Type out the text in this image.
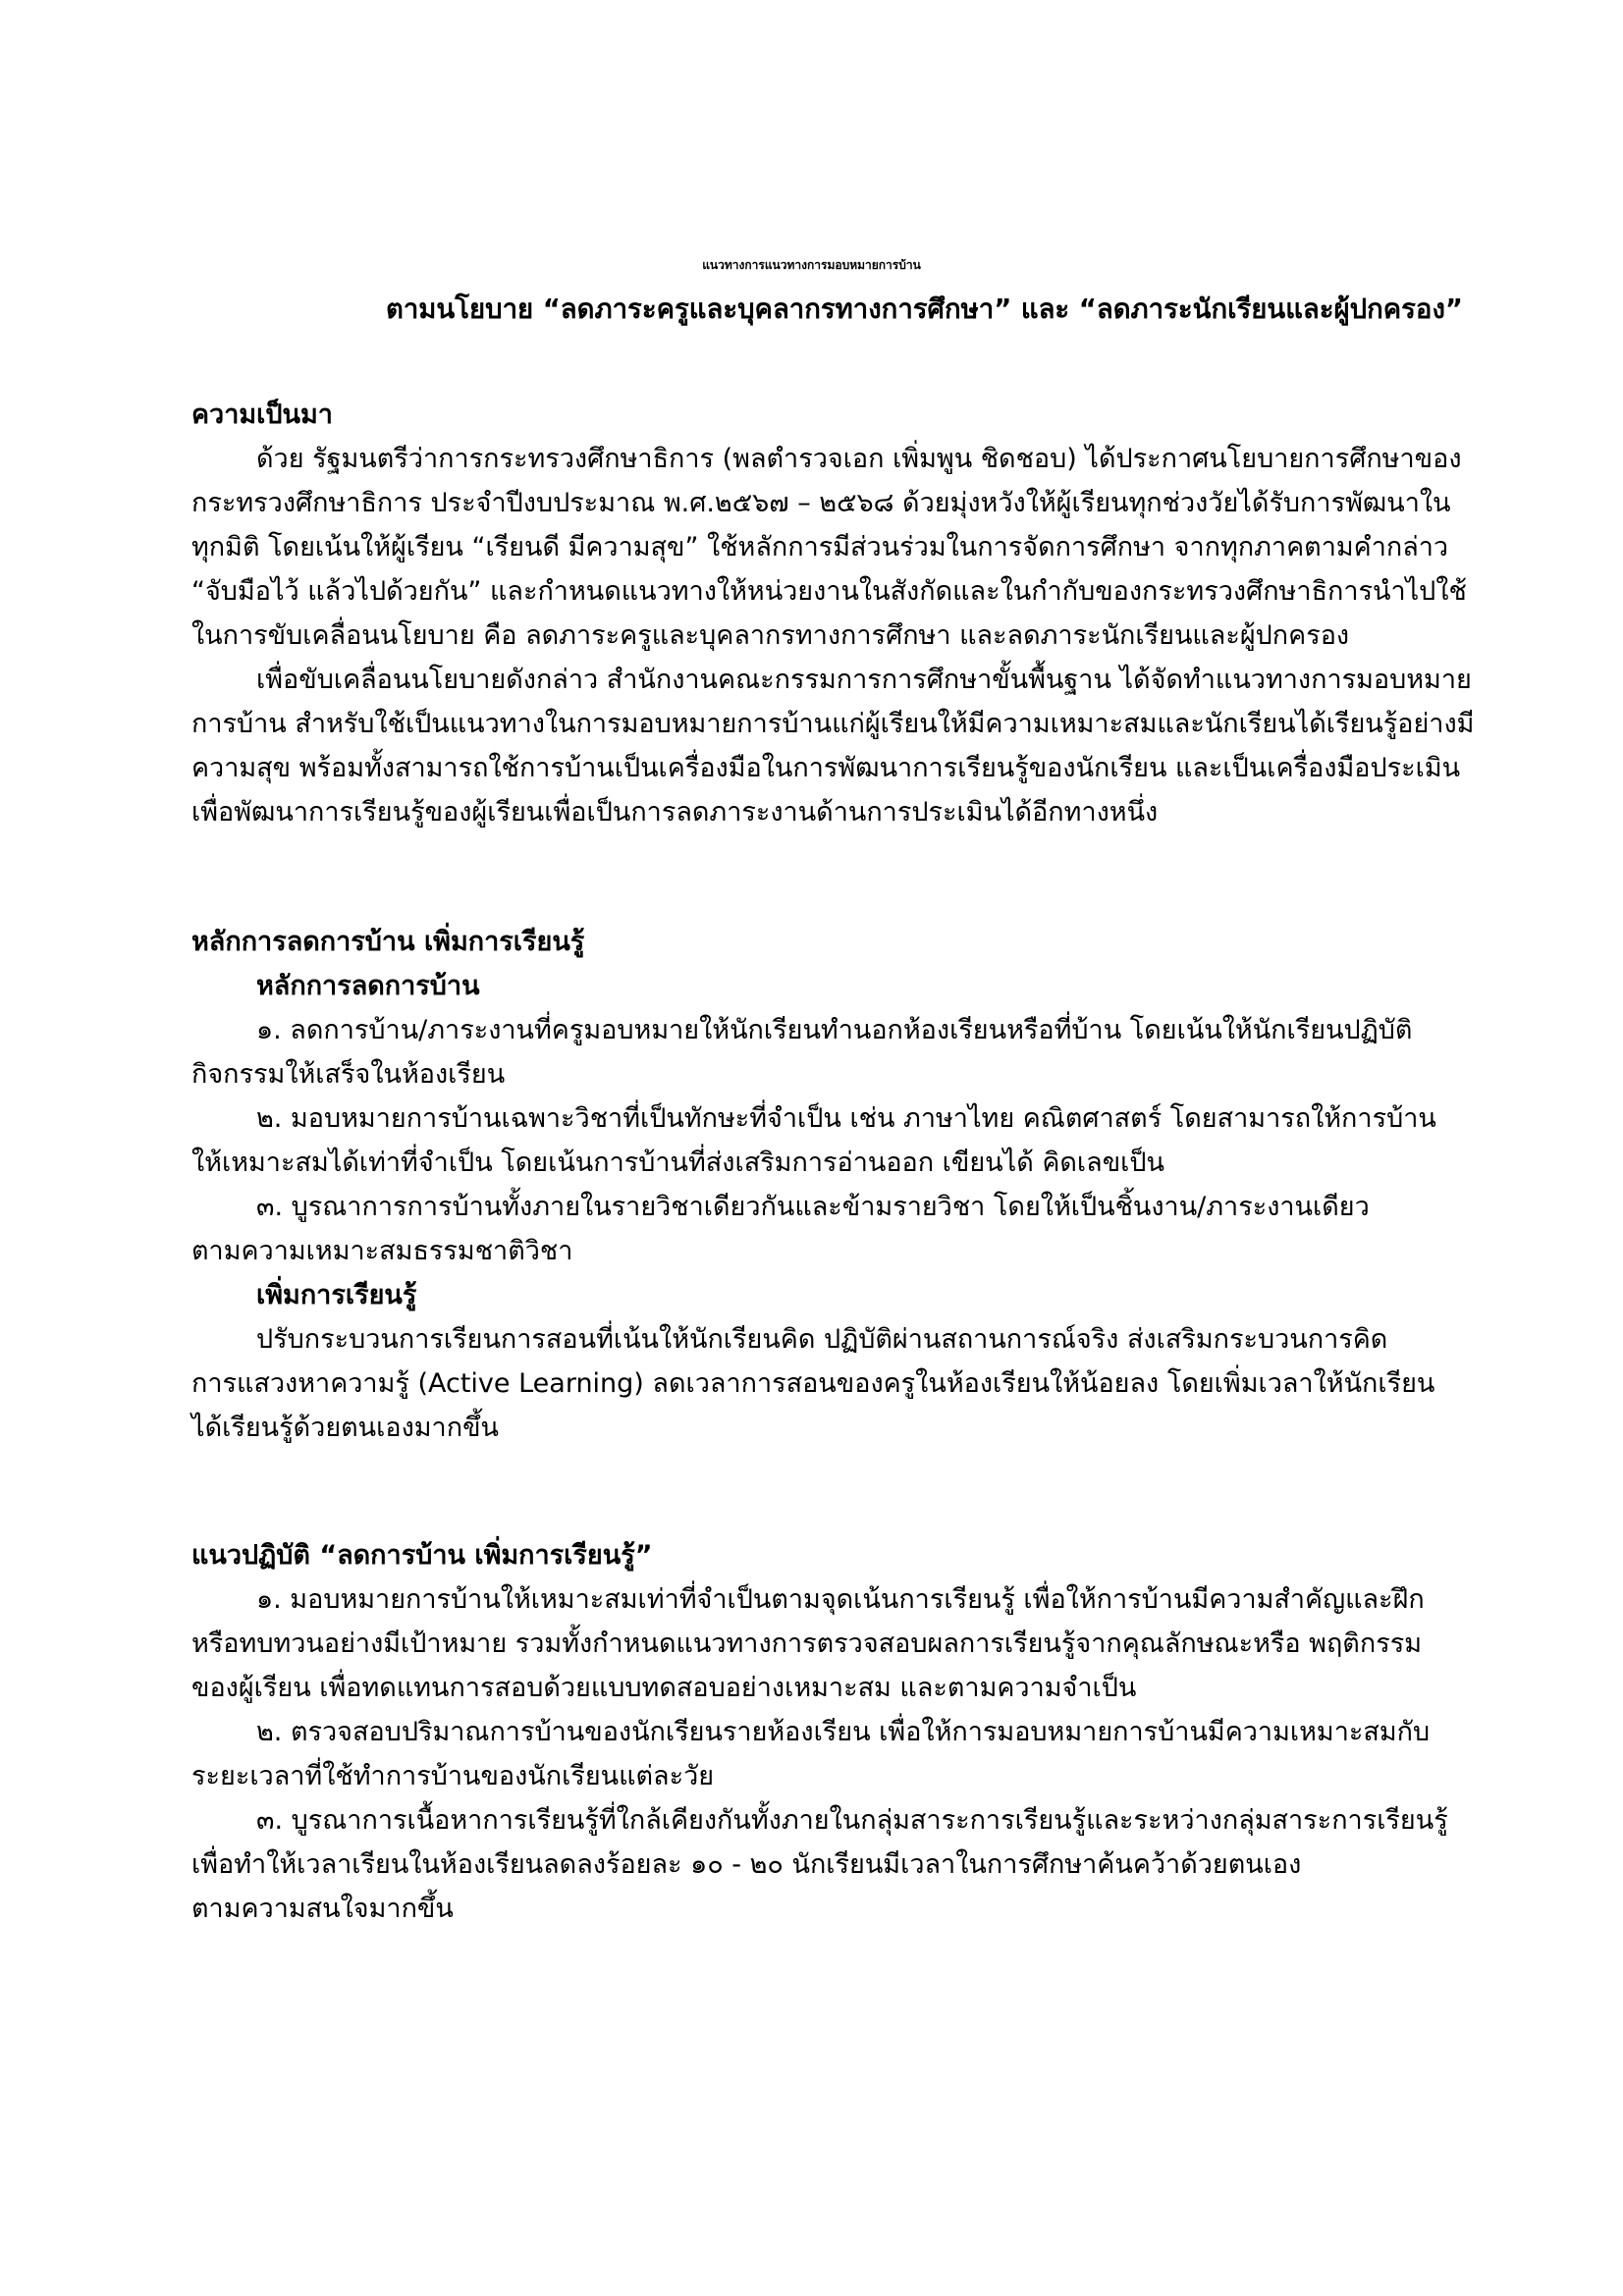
แนวทางการแนวทางการมอบหมายการบ้าน

ตามนโยบาย “ลดภาระครูและบุคลากรทางการศึกษา” และ “ลดภาระนักเรียนและผู้ปกครอง”

ความเป็นมา

ด้วย รัฐมนตรีว่าการกระทรวงศึกษาธิการ (พลตำรวจเอก เพิ่มพูน ชิดชอบ) ได้ประกาศนโยบายการศึกษาของ

กระทรวงศึกษาธิการ ประจำปีงบประมาณ พ.ศ.๒๕๖๗ – ๒๕๖๘ ด้วยมุ่งหวังให้ผู้เรียนทุกช่วงวัยได้รับการพัฒนาใน

ทุกมิติ โดยเน้นให้ผู้เรียน “เรียนดี มีความสุข” ใช้หลักการมีส่วนร่วมในการจัดการศึกษา จากทุกภาคตามคำกล่าว

“จับมือไว้ แล้วไปด้วยกัน” และกำหนดแนวทางให้หน่วยงานในสังกัดและในกำกับของกระทรวงศึกษาธิการนำไปใช้

ในการขับเคลื่อนนโยบาย คือ ลดภาระครูและบุคลากรทางการศึกษา และลดภาระนักเรียนและผู้ปกครอง

เพื่อขับเคลื่อนนโยบายดังกล่าว สำนักงานคณะกรรมการการศึกษาขั้นพื้นฐาน ได้จัดทำแนวทางการมอบหมาย

การบ้าน สำหรับใช้เป็นแนวทางในการมอบหมายการบ้านแก่ผู้เรียนให้มีความเหมาะสมและนักเรียนได้เรียนรู้อย่างมี

ความสุข พร้อมทั้งสามารถใช้การบ้านเป็นเครื่องมือในการพัฒนาการเรียนรู้ของนักเรียน และเป็นเครื่องมือประเมิน

เพื่อพัฒนาการเรียนรู้ของผู้เรียนเพื่อเป็นการลดภาระงานด้านการประเมินได้อีกทางหนึ่ง

หลักการลดการบ้าน เพิ่มการเรียนรู้

หลักการลดการบ้าน

๑. ลดการบ้าน/ภาระงานที่ครูมอบหมายให้นักเรียนทำนอกห้องเรียนหรือที่บ้าน โดยเน้นให้นักเรียนปฏิบัติ

กิจกรรมให้เสร็จในห้องเรียน

๒. มอบหมายการบ้านเฉพาะวิชาที่เป็นทักษะที่จำเป็น เช่น ภาษาไทย คณิตศาสตร์ โดยสามารถให้การบ้าน

ให้เหมาะสมได้เท่าที่จำเป็น โดยเน้นการบ้านที่ส่งเสริมการอ่านออก เขียนได้ คิดเลขเป็น

๓. บูรณาการการบ้านทั้งภายในรายวิชาเดียวกันและข้ามรายวิชา โดยให้เป็นชิ้นงาน/ภาระงานเดียว

ตามความเหมาะสมธรรมชาติวิชา

เพิ่มการเรียนรู้

ปรับกระบวนการเรียนการสอนที่เน้นให้นักเรียนคิด ปฏิบัติผ่านสถานการณ์จริง ส่งเสริมกระบวนการคิด

การแสวงหาความรู้ (Active Learning) ลดเวลาการสอนของครูในห้องเรียนให้น้อยลง โดยเพิ่มเวลาให้นักเรียน

ได้เรียนรู้ด้วยตนเองมากขึ้น

แนวปฏิบัติ “ลดการบ้าน เพิ่มการเรียนรู้”

๑. มอบหมายการบ้านให้เหมาะสมเท่าที่จำเป็นตามจุดเน้นการเรียนรู้ เพื่อให้การบ้านมีความสำคัญและฝึก

หรือทบทวนอย่างมีเป้าหมาย รวมทั้งกำหนดแนวทางการตรวจสอบผลการเรียนรู้จากคุณลักษณะหรือ พฤติกรรม

ของผู้เรียน เพื่อทดแทนการสอบด้วยแบบทดสอบอย่างเหมาะสม และตามความจำเป็น

๒. ตรวจสอบปริมาณการบ้านของนักเรียนรายห้องเรียน เพื่อให้การมอบหมายการบ้านมีความเหมาะสมกับ

ระยะเวลาที่ใช้ทำการบ้านของนักเรียนแต่ละวัย

๓. บูรณาการเนื้อหาการเรียนรู้ที่ใกล้เคียงกันทั้งภายในกลุ่มสาระการเรียนรู้และระหว่างกลุ่มสาระการเรียนรู้

เพื่อทำให้เวลาเรียนในห้องเรียนลดลงร้อยละ ๑๐ - ๒๐ นักเรียนมีเวลาในการศึกษาค้นคว้าด้วยตนเอง

ตามความสนใจมากขึ้น
